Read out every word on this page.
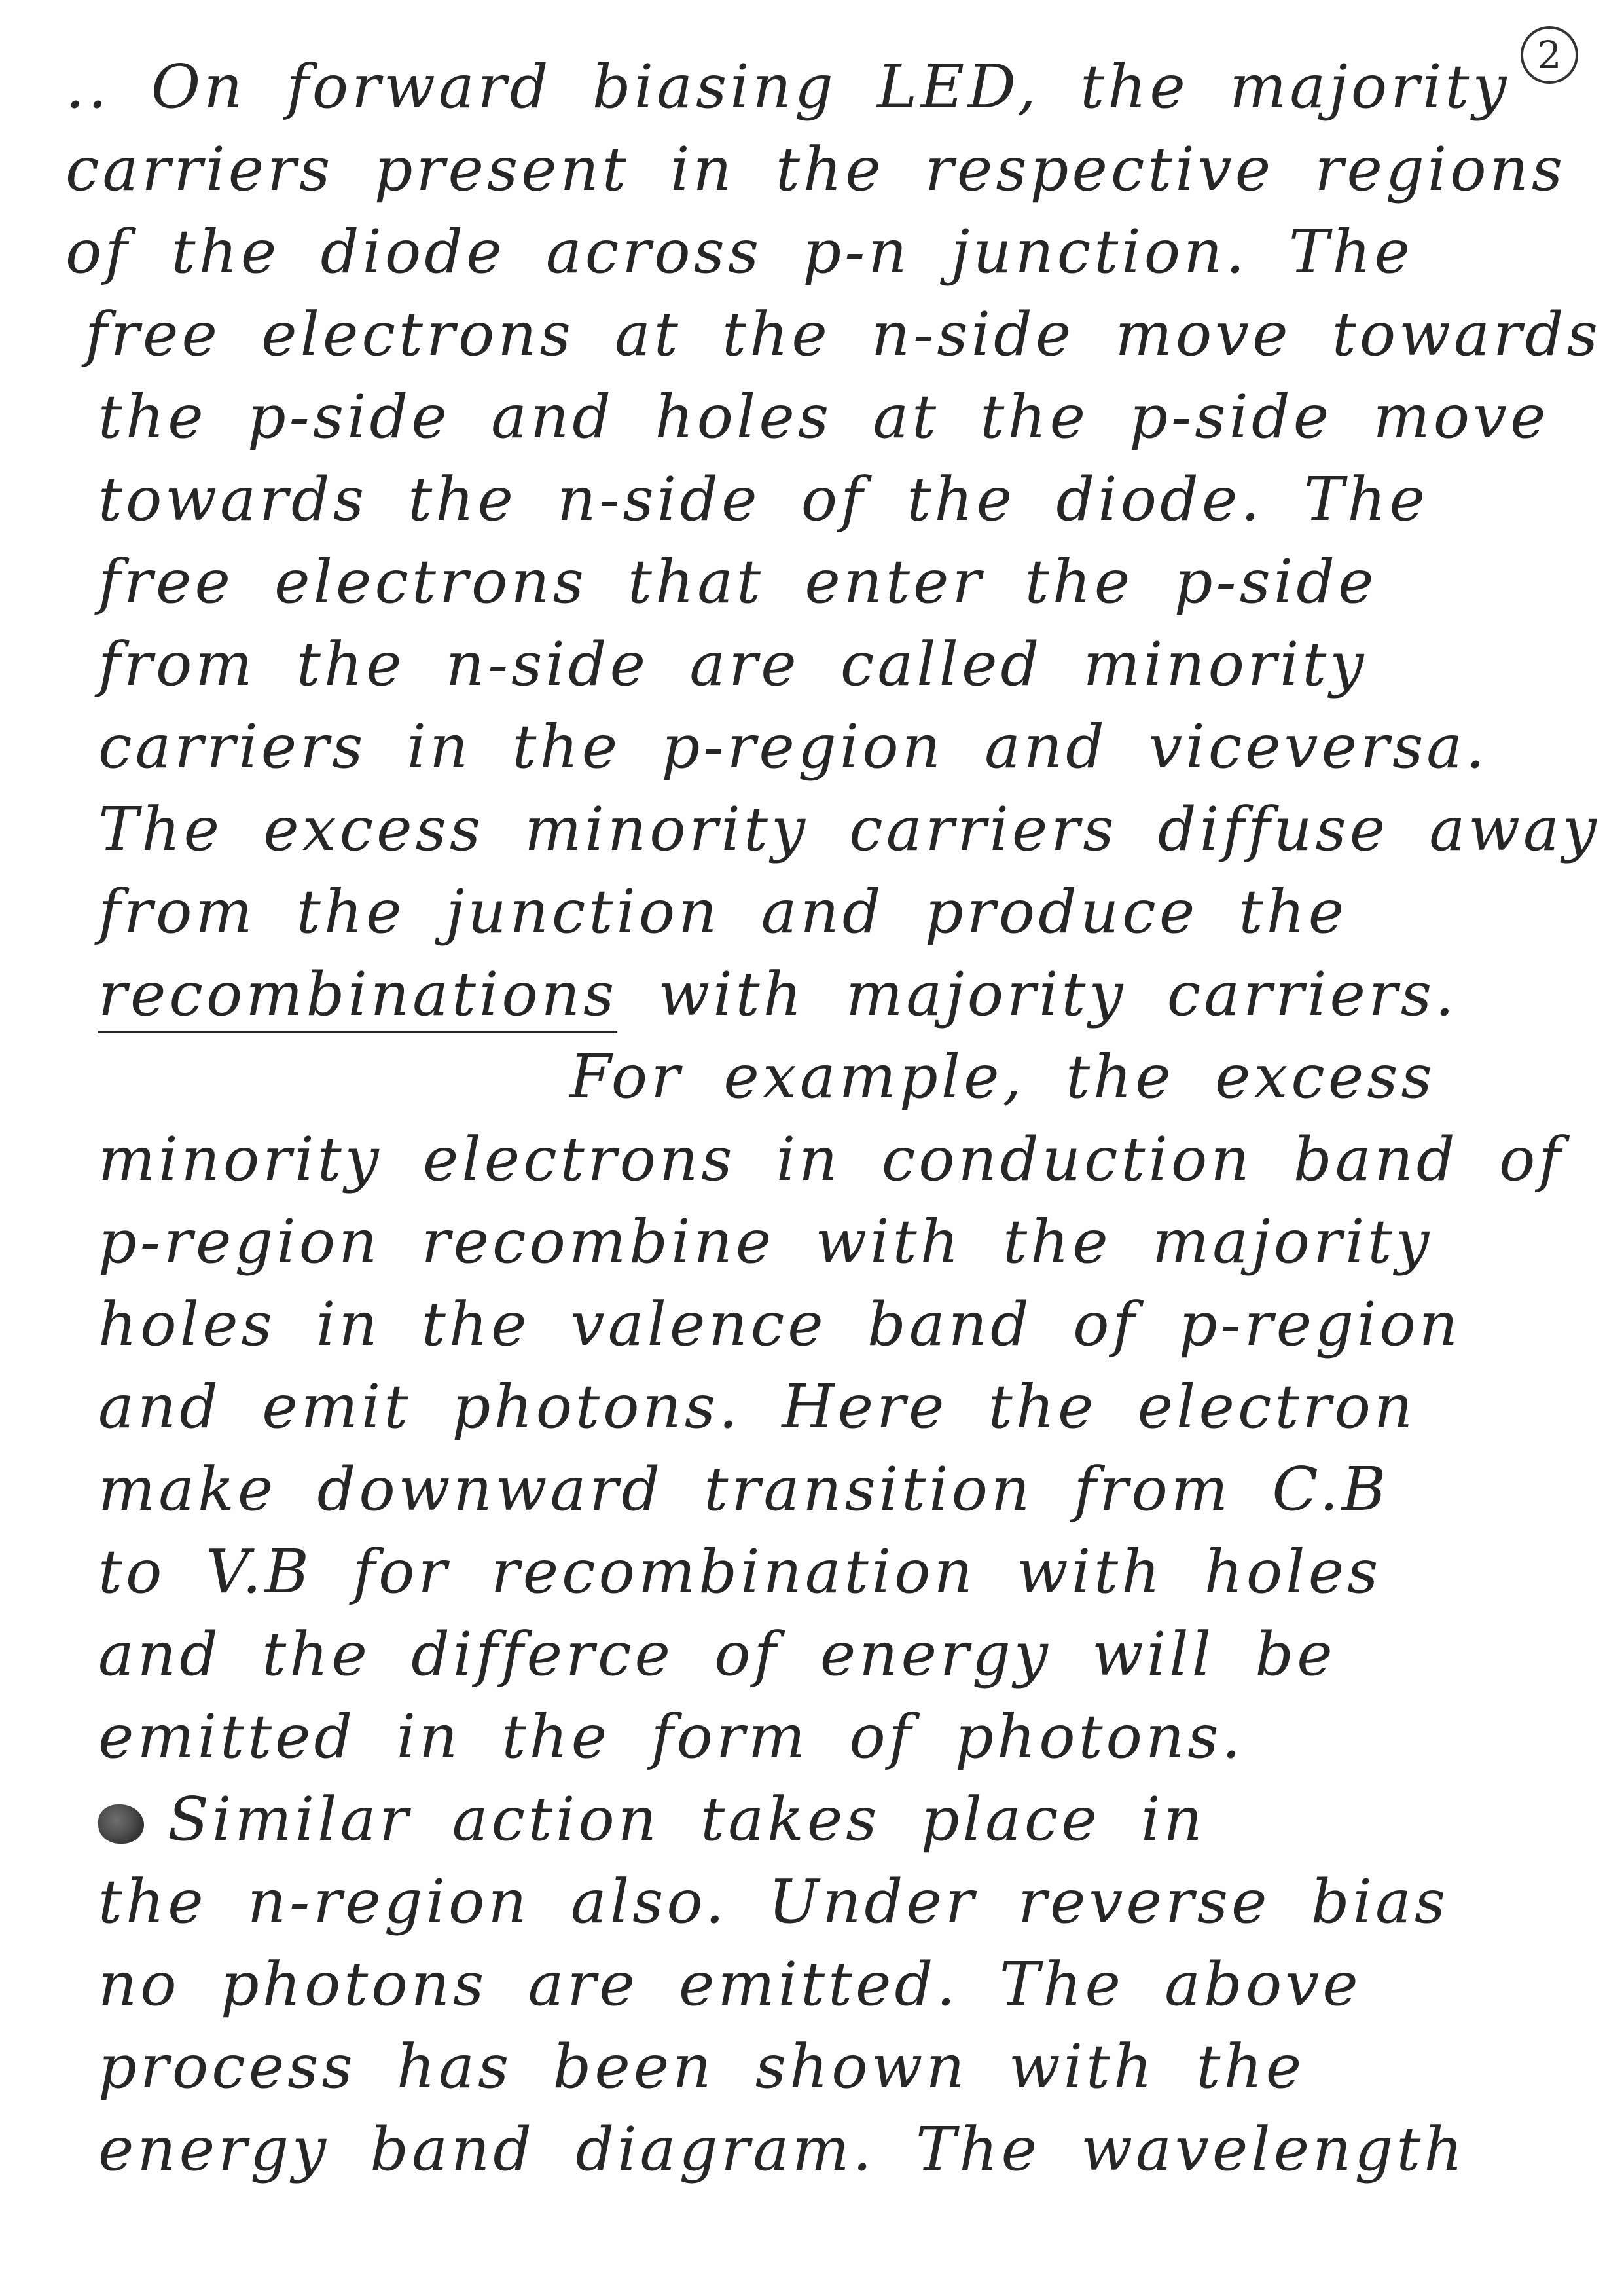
2
.. On forward biasing LED, the majority
carriers present in the respective regions
of the diode across p-n junction. The
free electrons at the n-side move towards
the p-side and holes at the p-side move
towards the n-side of the diode. The
free electrons that enter the p-side
from the n-side are called minority
carriers in the p-region and viceversa.
The excess minority carriers diffuse away
from the junction and produce the
recombinations with majority carriers.
For example, the excess
minority electrons in conduction band of
p-region recombine with the majority
holes in the valence band of p-region
and emit photons. Here the electron
make downward transition from C.B
to V.B for recombination with holes
and the differce of energy will be
emitted in the form of photons.
Similar action takes place in
the n-region also. Under reverse bias
no photons are emitted. The above
process has been shown with the
energy band diagram. The wavelength
